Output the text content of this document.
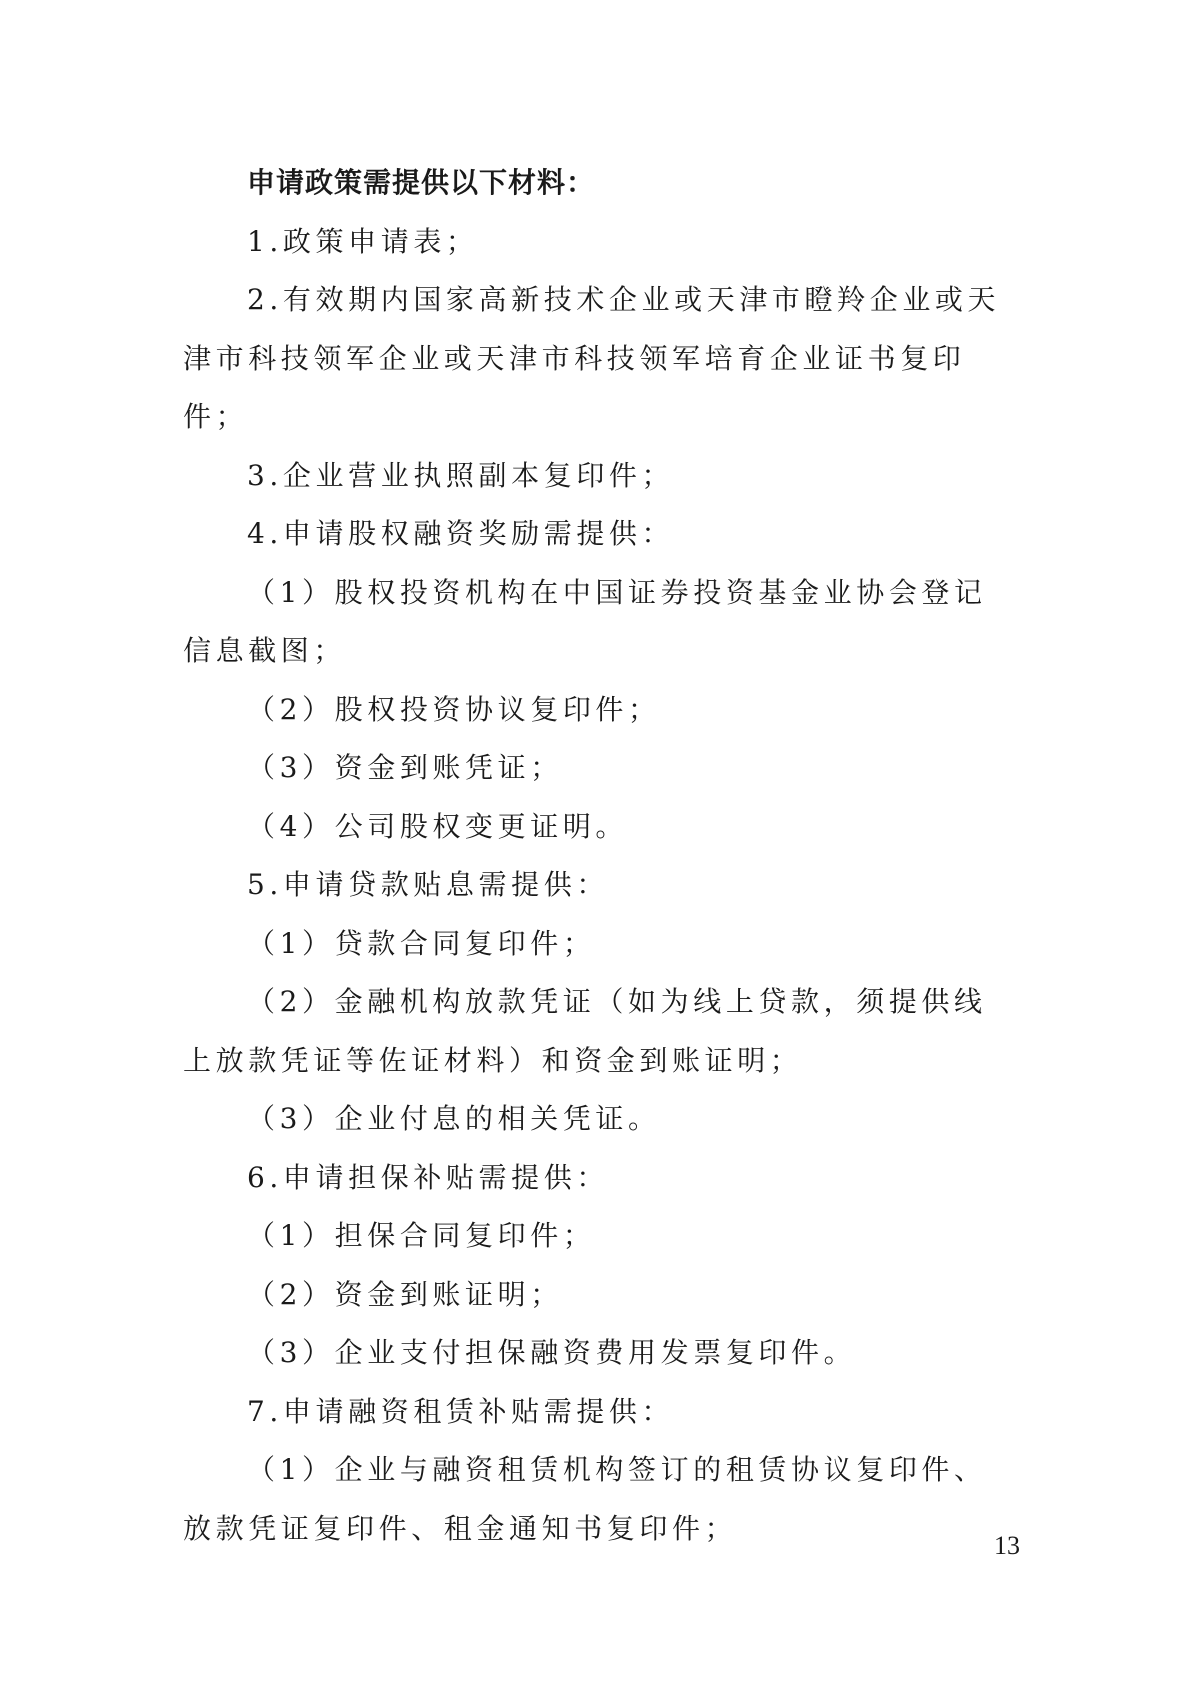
申请政策需提供以下材料：

1.政策申请表；

2.有效期内国家高新技术企业或天津市瞪羚企业或天津市科技领军企业或天津市科技领军培育企业证书复印件；

3.企业营业执照副本复印件；

4.申请股权融资奖励需提供：

（1）股权投资机构在中国证券投资基金业协会登记信息截图；

（2）股权投资协议复印件；

（3）资金到账凭证；

（4）公司股权变更证明。

5.申请贷款贴息需提供：

（1）贷款合同复印件；

（2）金融机构放款凭证（如为线上贷款，须提供线上放款凭证等佐证材料）和资金到账证明；

（3）企业付息的相关凭证。

6.申请担保补贴需提供：

（1）担保合同复印件；

（2）资金到账证明；

（3）企业支付担保融资费用发票复印件。

7.申请融资租赁补贴需提供：

（1）企业与融资租赁机构签订的租赁协议复印件、放款凭证复印件、租金通知书复印件；

13
